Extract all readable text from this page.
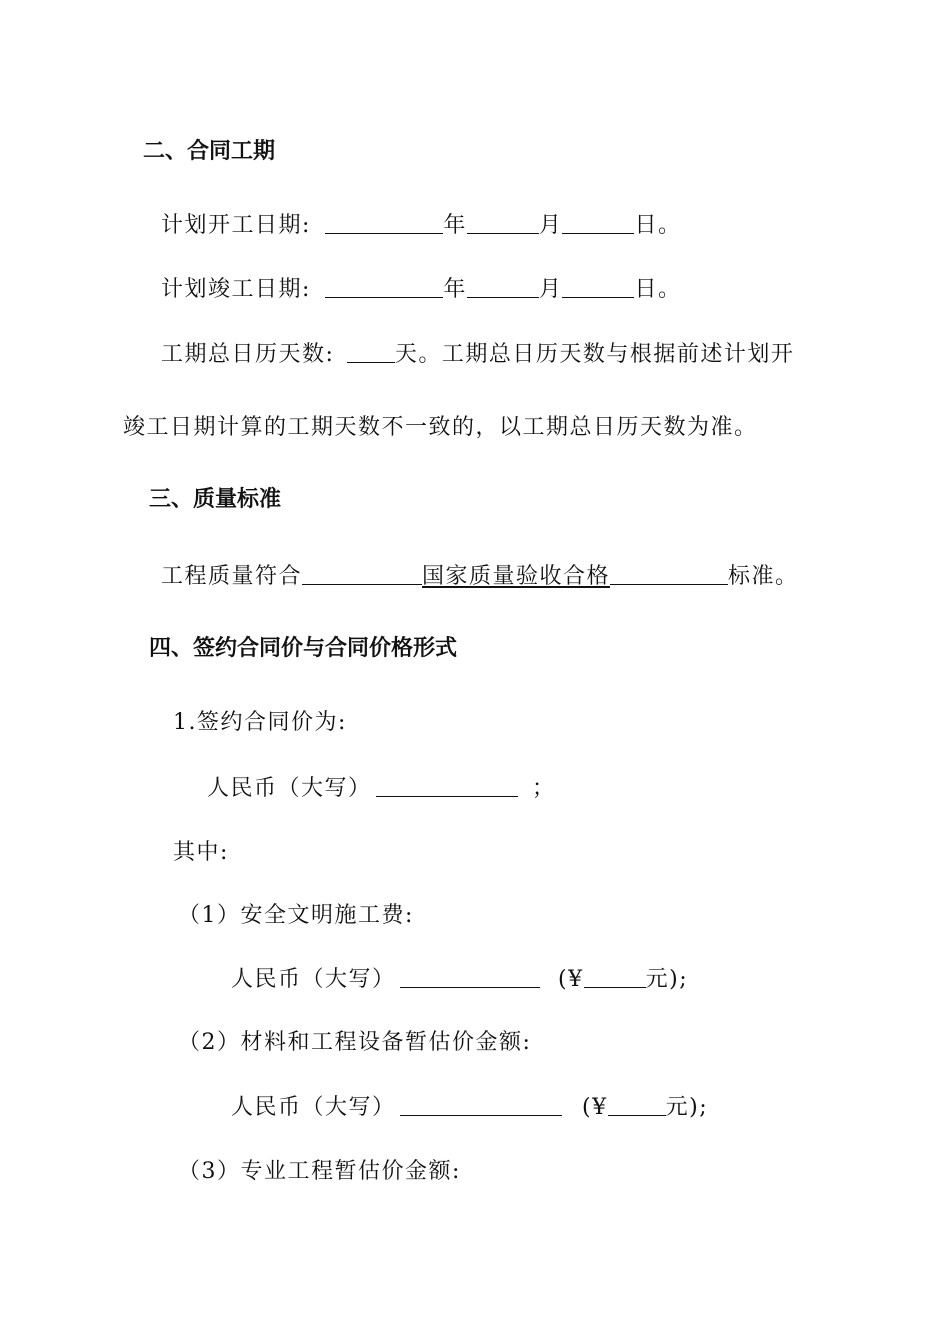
二、合同工期
计划开工日期:	年	月	日。
计划竣工日期:	年	月	日。
工期总日历天数:	天。工期总日历天数与根据前述计划开
竣工日期计算的工期天数不一致的，以工期总日历天数为准。
三、质量标准
工程质量符合	国家质量验收合格	标准。
四、签约合同价与合同价格形式
1.签约合同价为:
人民币（大写）	；
其中:
（1）安全文明施工费:
人民币（大写）	(¥	元);
（2）材料和工程设备暂估价金额:
人民币（大写）	(¥	元);
（3）专业工程暂估价金额:
